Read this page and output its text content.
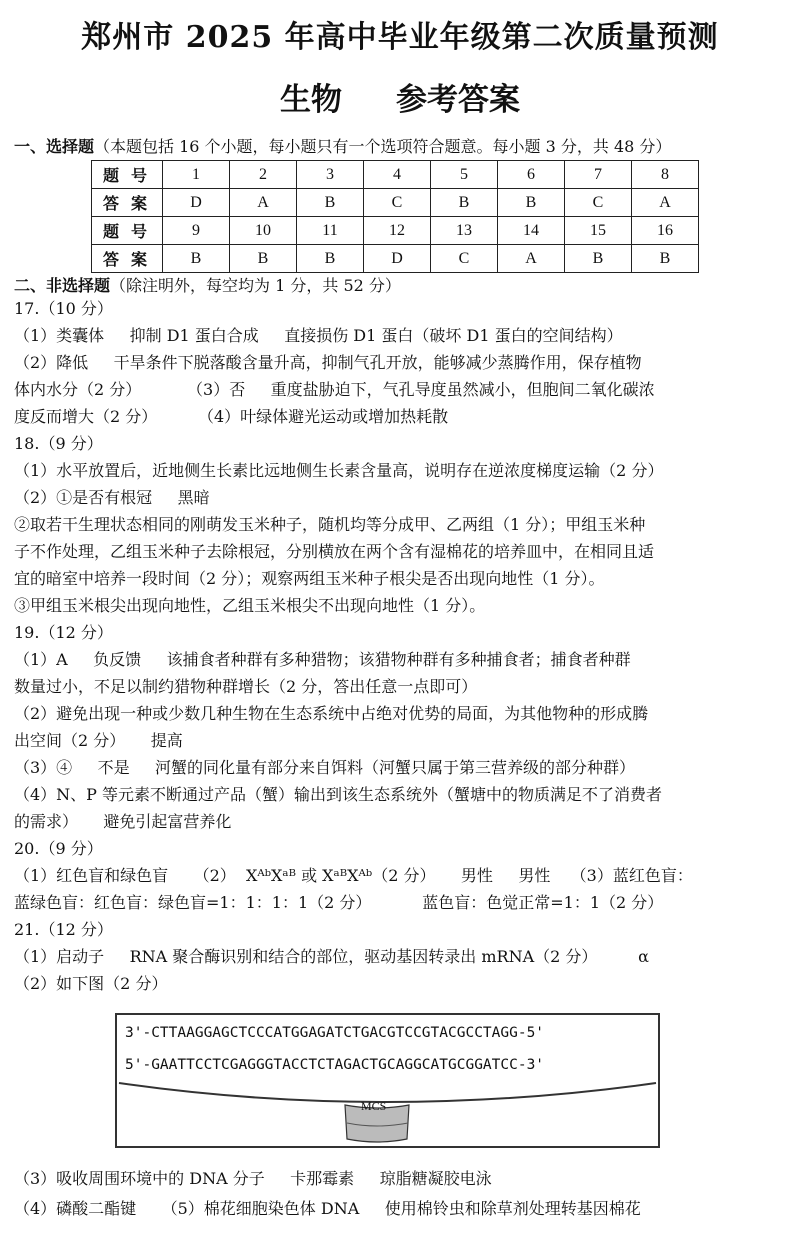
郑州市 2025 年高中毕业年级第二次质量预测
生物     参考答案
一、选择题（本题包括 16 个小题，每小题只有一个选项符合题意。每小题 3 分，共 48 分）
题 号	1	2	3	4	5	6	7	8
答 案	D	A	B	C	B	B	C	A
题 号	9	10	11	12	13	14	15	16
答 案	B	B	B	D	C	A	B	B
二、非选择题（除注明外，每空均为 1 分，共 52 分）
17.（10 分）
（1）类囊体     抑制 D1 蛋白合成     直接损伤 D1 蛋白（破坏 D1 蛋白的空间结构）
（2）降低     干旱条件下脱落酸含量升高，抑制气孔开放，能够减少蒸腾作用，保存植物
体内水分（2 分）         （3）否     重度盐胁迫下，气孔导度虽然减小，但胞间二氧化碳浓
度反而增大（2 分）        （4）叶绿体避光运动或增加热耗散
18.（9 分）
（1）水平放置后，近地侧生长素比远地侧生长素含量高，说明存在逆浓度梯度运输（2 分）
（2）①是否有根冠     黑暗
②取若干生理状态相同的刚萌发玉米种子，随机均等分成甲、乙两组（1 分）；甲组玉米种
子不作处理，乙组玉米种子去除根冠，分别横放在两个含有湿棉花的培养皿中，在相同且适
宜的暗室中培养一段时间（2 分）；观察两组玉米种子根尖是否出现向地性（1 分）。
③甲组玉米根尖出现向地性，乙组玉米根尖不出现向地性（1 分）。
19.（12 分）
（1）A     负反馈     该捕食者种群有多种猎物；该猎物种群有多种捕食者；捕食者种群
数量过小，不足以制约猎物种群增长（2 分，答出任意一点即可）
（2）避免出现一种或少数几种生物在生态系统中占绝对优势的局面，为其他物种的形成腾
出空间（2 分）     提高
（3）④     不是     河蟹的同化量有部分来自饵料（河蟹只属于第三营养级的部分种群）
（4）N、P 等元素不断通过产品（蟹）输出到该生态系统外（蟹塘中的物质满足不了消费者
的需求）     避免引起富营养化
20.（9 分）
（1）红色盲和绿色盲     （2）  XᴬᵇXᵃᴮ 或 XᵃᴮXᴬᵇ（2 分）     男性     男性    （3）蓝红色盲：
蓝绿色盲：红色盲：绿色盲=1：1：1：1（2 分）          蓝色盲：色觉正常=1：1（2 分）
21.（12 分）
（1）启动子     RNA 聚合酶识别和结合的部位，驱动基因转录出 mRNA（2 分）        α
（2）如下图（2 分）
3'-CTTAAGGAGCTCCCATGGAGATCTGACGTCCGTACGCCTAGG-5'
5'-GAATTCCTCGAGGGTACCTCTAGACTGCAGGCATGCGGATCC-3'
MCS
（3）吸收周围环境中的 DNA 分子     卡那霉素     琼脂糖凝胶电泳
（4）磷酸二酯键     （5）棉花细胞染色体 DNA     使用棉铃虫和除草剂处理转基因棉花
